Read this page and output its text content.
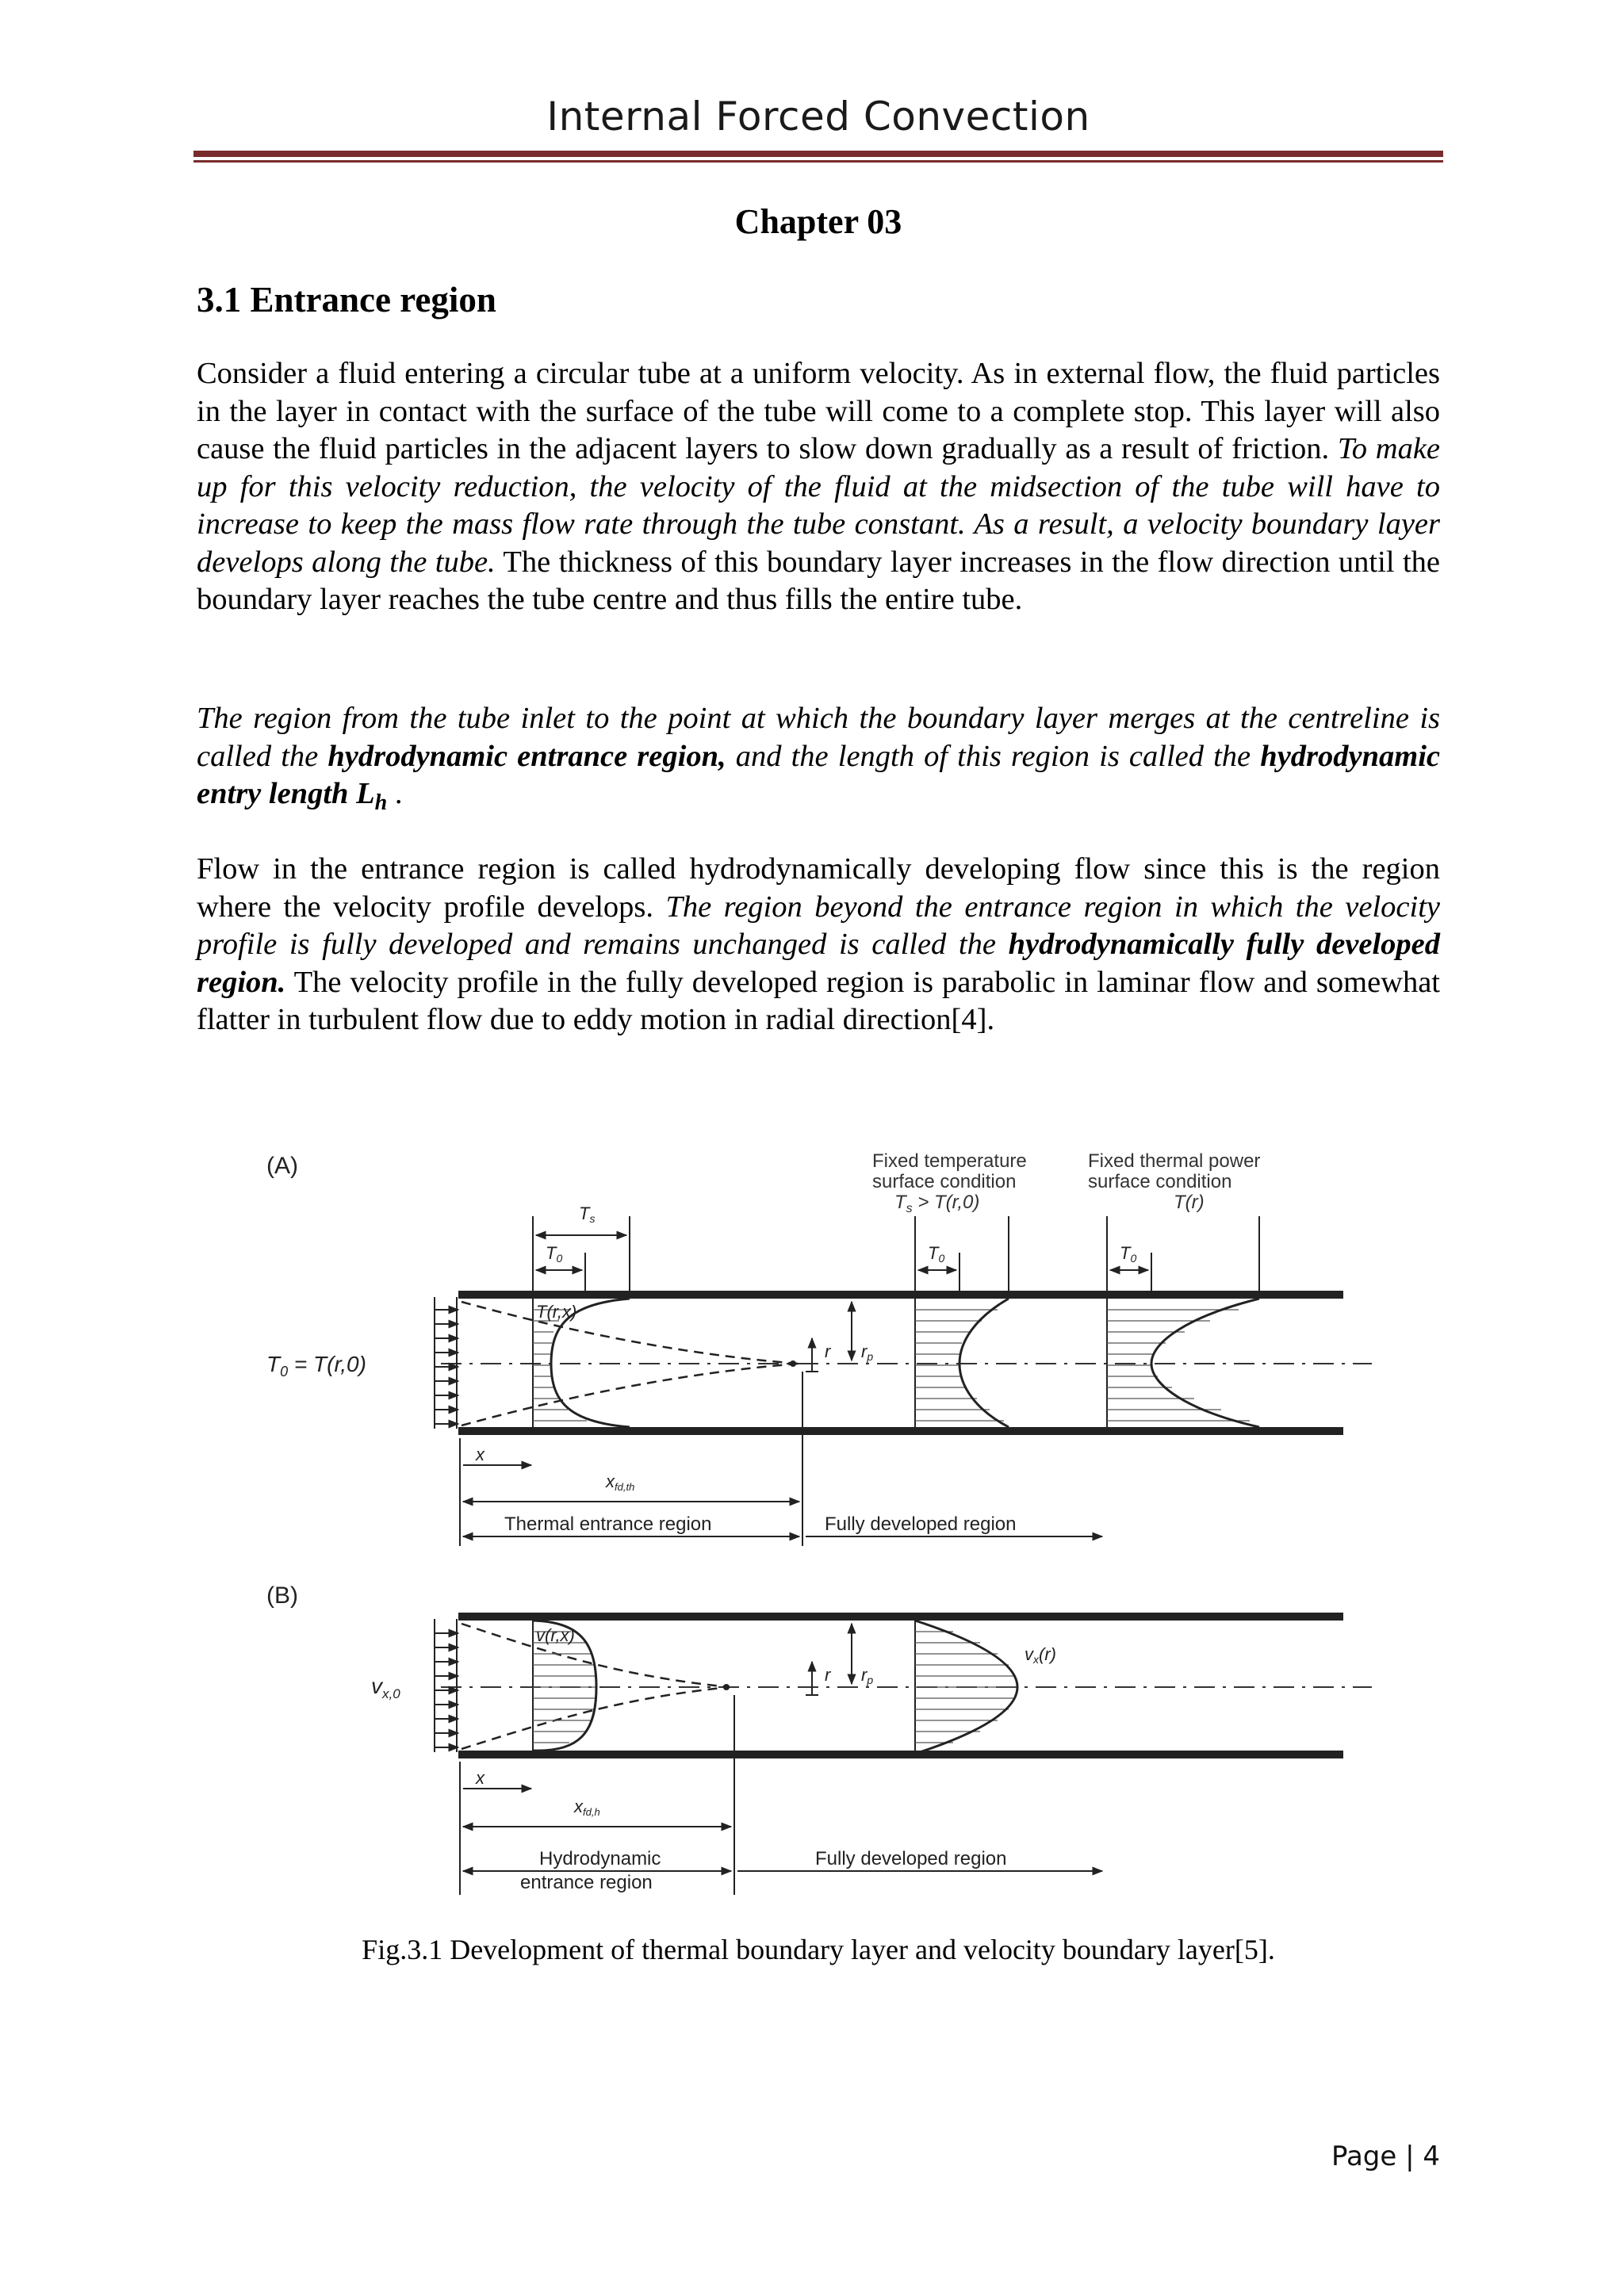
Internal Forced Convection
Chapter 03
3.1 Entrance region

Consider a fluid entering a circular tube at a uniform velocity. As in external flow, the fluid particles in the layer in contact with the surface of the tube will come to a complete stop. This layer will also cause the fluid particles in the adjacent layers to slow down gradually as a result of friction. To make up for this velocity reduction, the velocity of the fluid at the midsection of the tube will have to increase to keep the mass flow rate through the tube constant. As a result, a velocity boundary layer develops along the tube. The thickness of this boundary layer increases in the flow direction until the boundary layer reaches the tube centre and thus fills the entire tube.

The region from the tube inlet to the point at which the boundary layer merges at the centreline is called the hydrodynamic entrance region, and the length of this region is called the hydrodynamic entry length $L_h$ .

Flow in the entrance region is called hydrodynamically developing flow since this is the region where the velocity profile develops. The region beyond the entrance region in which the velocity profile is fully developed and remains unchanged is called the hydrodynamically fully developed region. The velocity profile in the fully developed region is parabolic in laminar flow and somewhat flatter in turbulent flow due to eddy motion in radial direction[4].

(A)	Fixed temperature
surface condition
$T_s > T(r,0)$
Fixed thermal power
surface condition
T(r)
Ts
T0	T0	T0
$T_0 = T(r,0)$
T(r,x)
r rp
x
xfd,th
Thermal entrance region	Fully developed region
(B)
$v_{x,0}$
v(r,x)
r rp
vx(r)
x
xfd,h
Hydrodynamic
entrance region
Fully developed region
Fig.3.1 Development of thermal boundary layer and velocity boundary layer[5].
Page | 4
